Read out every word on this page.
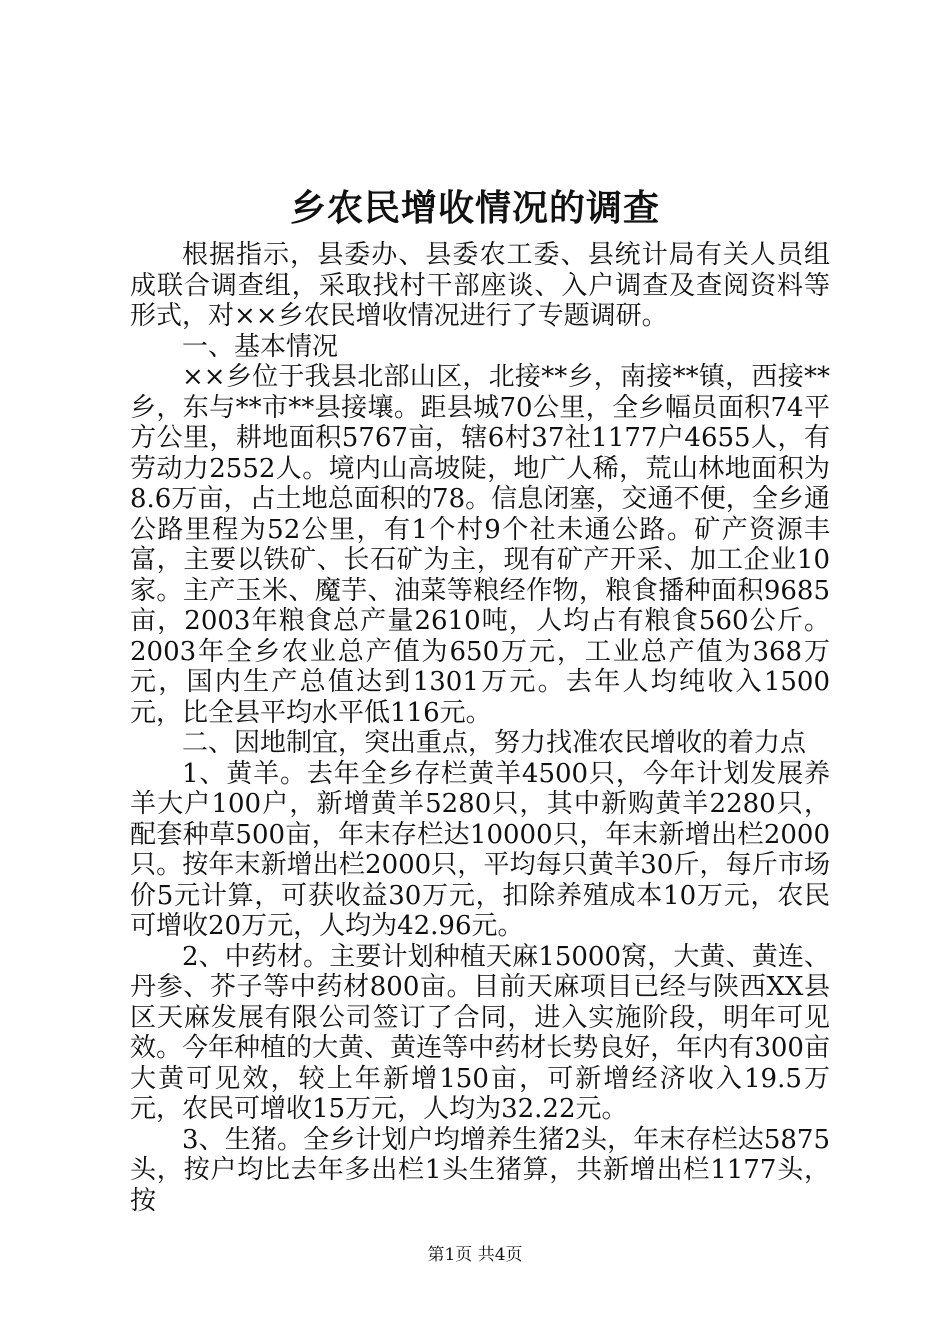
乡农民增收情况的调查

根据指示，县委办、县委农工委、县统计局有关人员组成联合调查组，采取找村干部座谈、入户调查及查阅资料等形式，对××乡农民增收情况进行了专题调研。

一、基本情况

××乡位于我县北部山区，北接**乡，南接**镇，西接**乡，东与**市**县接壤。距县城70公里，全乡幅员面积74平方公里，耕地面积5767亩，辖6村37社1177户4655人，有劳动力2552人。境内山高坡陡，地广人稀，荒山林地面积为8.6万亩，占土地总面积的78。信息闭塞，交通不便，全乡通公路里程为52公里，有1个村9个社未通公路。矿产资源丰富，主要以铁矿、长石矿为主，现有矿产开采、加工企业10家。主产玉米、魔芋、油菜等粮经作物，粮食播种面积9685亩，2003年粮食总产量2610吨，人均占有粮食560公斤。2003年全乡农业总产值为650万元，工业总产值为368万元，国内生产总值达到1301万元。去年人均纯收入1500元，比全县平均水平低116元。

二、因地制宜，突出重点，努力找准农民增收的着力点

1、黄羊。去年全乡存栏黄羊4500只，今年计划发展养羊大户100户，新增黄羊5280只，其中新购黄羊2280只，配套种草500亩，年末存栏达10000只，年末新增出栏2000只。按年末新增出栏2000只，平均每只黄羊30斤，每斤市场价5元计算，可获收益30万元，扣除养殖成本10万元，农民可增收20万元，人均为42.96元。

2、中药材。主要计划种植天麻15000窝，大黄、黄连、丹参、芥子等中药材800亩。目前天麻项目已经与陕西XX县区天麻发展有限公司签订了合同，进入实施阶段，明年可见效。今年种植的大黄、黄连等中药材长势良好，年内有300亩大黄可见效，较上年新增150亩，可新增经济收入19.5万元，农民可增收15万元，人均为32.22元。

3、生猪。全乡计划户均增养生猪2头，年末存栏达5875头，按户均比去年多出栏1头生猪算，共新增出栏1177头，按

第1页 共4页
